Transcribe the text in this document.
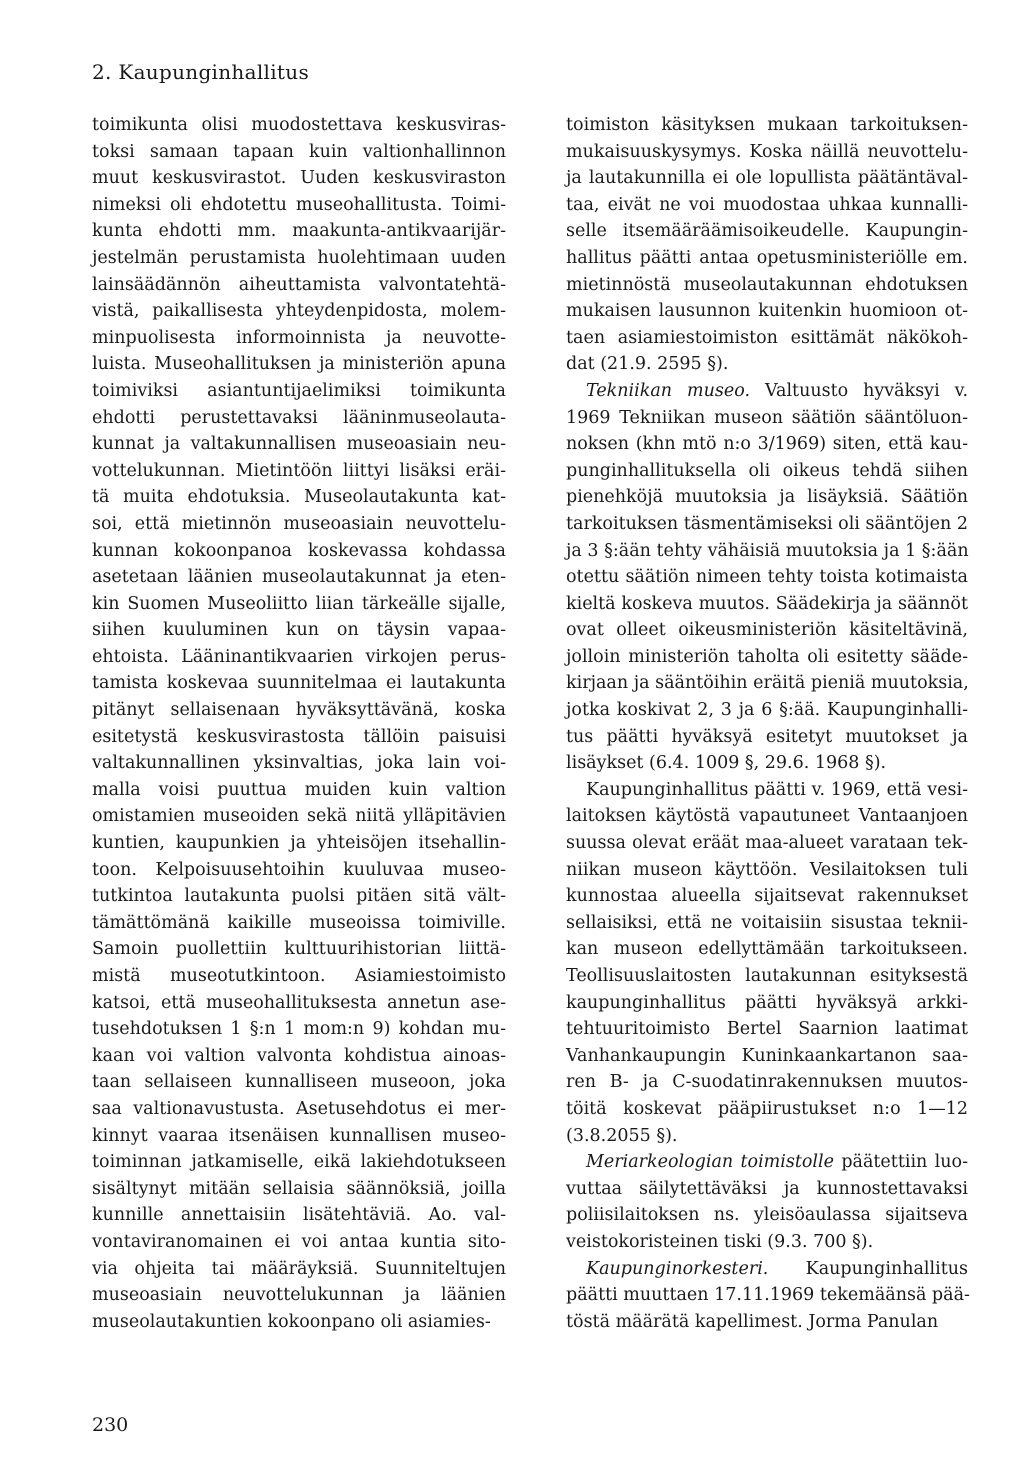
2. Kaupunginhallitus
toimikunta olisi muodostettava keskusviras-
toksi samaan tapaan kuin valtionhallinnon
muut keskusvirastot. Uuden keskusviraston
nimeksi oli ehdotettu museohallitusta. Toimi-
kunta ehdotti mm. maakunta-antikvaarijär-
jestelmän perustamista huolehtimaan uuden
lainsäädännön aiheuttamista valvontatehtä-
vistä, paikallisesta yhteydenpidosta, molem-
minpuolisesta informoinnista ja neuvotte-
luista. Museohallituksen ja ministeriön apuna
toimiviksi asiantuntijaelimiksi toimikunta
ehdotti perustettavaksi lääninmuseolauta-
kunnat ja valtakunnallisen museoasiain neu-
vottelukunnan. Mietintöön liittyi lisäksi eräi-
tä muita ehdotuksia. Museolautakunta kat-
soi, että mietinnön museoasiain neuvottelu-
kunnan kokoonpanoa koskevassa kohdassa
asetetaan läänien museolautakunnat ja eten-
kin Suomen Museoliitto liian tärkeälle sijalle,
siihen kuuluminen kun on täysin vapaa-
ehtoista. Lääninantikvaarien virkojen perus-
tamista koskevaa suunnitelmaa ei lautakunta
pitänyt sellaisenaan hyväksyttävänä, koska
esitetystä keskusvirastosta tällöin paisuisi
valtakunnallinen yksinvaltias, joka lain voi-
malla voisi puuttua muiden kuin valtion
omistamien museoiden sekä niitä ylläpitävien
kuntien, kaupunkien ja yhteisöjen itsehallin-
toon. Kelpoisuusehtoihin kuuluvaa museo-
tutkintoa lautakunta puolsi pitäen sitä vält-
tämättömänä kaikille museoissa toimiville.
Samoin puollettiin kulttuurihistorian liittä-
mistä museotutkintoon. Asiamiestoimisto
katsoi, että museohallituksesta annetun ase-
tusehdotuksen 1 §:n 1 mom:n 9) kohdan mu-
kaan voi valtion valvonta kohdistua ainoas-
taan sellaiseen kunnalliseen museoon, joka
saa valtionavustusta. Asetusehdotus ei mer-
kinnyt vaaraa itsenäisen kunnallisen museo-
toiminnan jatkamiselle, eikä lakiehdotukseen
sisältynyt mitään sellaisia säännöksiä, joilla
kunnille annettaisiin lisätehtäviä. Ao. val-
vontaviranomainen ei voi antaa kuntia sito-
via ohjeita tai määräyksiä. Suunniteltujen
museoasiain neuvottelukunnan ja läänien
museolautakuntien kokoonpano oli asiamies-
toimiston käsityksen mukaan tarkoituksen-
mukaisuuskysymys. Koska näillä neuvottelu-
ja lautakunnilla ei ole lopullista päätäntäval-
taa, eivät ne voi muodostaa uhkaa kunnalli-
selle itsemääräämisoikeudelle. Kaupungin-
hallitus päätti antaa opetusministeriölle em.
mietinnöstä museolautakunnan ehdotuksen
mukaisen lausunnon kuitenkin huomioon ot-
taen asiamiestoimiston esittämät näkökoh-
dat (21.9. 2595 §).
Tekniikan museo. Valtuusto hyväksyi v.
1969 Tekniikan museon säätiön sääntöluon-
noksen (khn mtö n:o 3/1969) siten, että kau-
punginhallituksella oli oikeus tehdä siihen
pienehköjä muutoksia ja lisäyksiä. Säätiön
tarkoituksen täsmentämiseksi oli sääntöjen 2
ja 3 §:ään tehty vähäisiä muutoksia ja 1 §:ään
otettu säätiön nimeen tehty toista kotimaista
kieltä koskeva muutos. Säädekirja ja säännöt
ovat olleet oikeusministeriön käsiteltävinä,
jolloin ministeriön taholta oli esitetty sääde-
kirjaan ja sääntöihin eräitä pieniä muutoksia,
jotka koskivat 2, 3 ja 6 §:ää. Kaupunginhalli-
tus päätti hyväksyä esitetyt muutokset ja
lisäykset (6.4. 1009 §, 29.6. 1968 §).
Kaupunginhallitus päätti v. 1969, että vesi-
laitoksen käytöstä vapautuneet Vantaanjoen
suussa olevat eräät maa-alueet varataan tek-
niikan museon käyttöön. Vesilaitoksen tuli
kunnostaa alueella sijaitsevat rakennukset
sellaisiksi, että ne voitaisiin sisustaa teknii-
kan museon edellyttämään tarkoitukseen.
Teollisuuslaitosten lautakunnan esityksestä
kaupunginhallitus päätti hyväksyä arkki-
tehtuuritoimisto Bertel Saarnion laatimat
Vanhankaupungin Kuninkaankartanon saa-
ren B- ja C-suodatinrakennuksen muutos-
töitä koskevat pääpiirustukset n:o 1—12
(3.8.2055 §).
Meriarkeologian toimistolle päätettiin luo-
vuttaa säilytettäväksi ja kunnostettavaksi
poliisilaitoksen ns. yleisöaulassa sijaitseva
veistokoristeinen tiski (9.3. 700 §).
Kaupunginorkesteri. Kaupunginhallitus
päätti muuttaen 17.11.1969 tekemäänsä pää-
töstä määrätä kapellimest. Jorma Panulan
230
